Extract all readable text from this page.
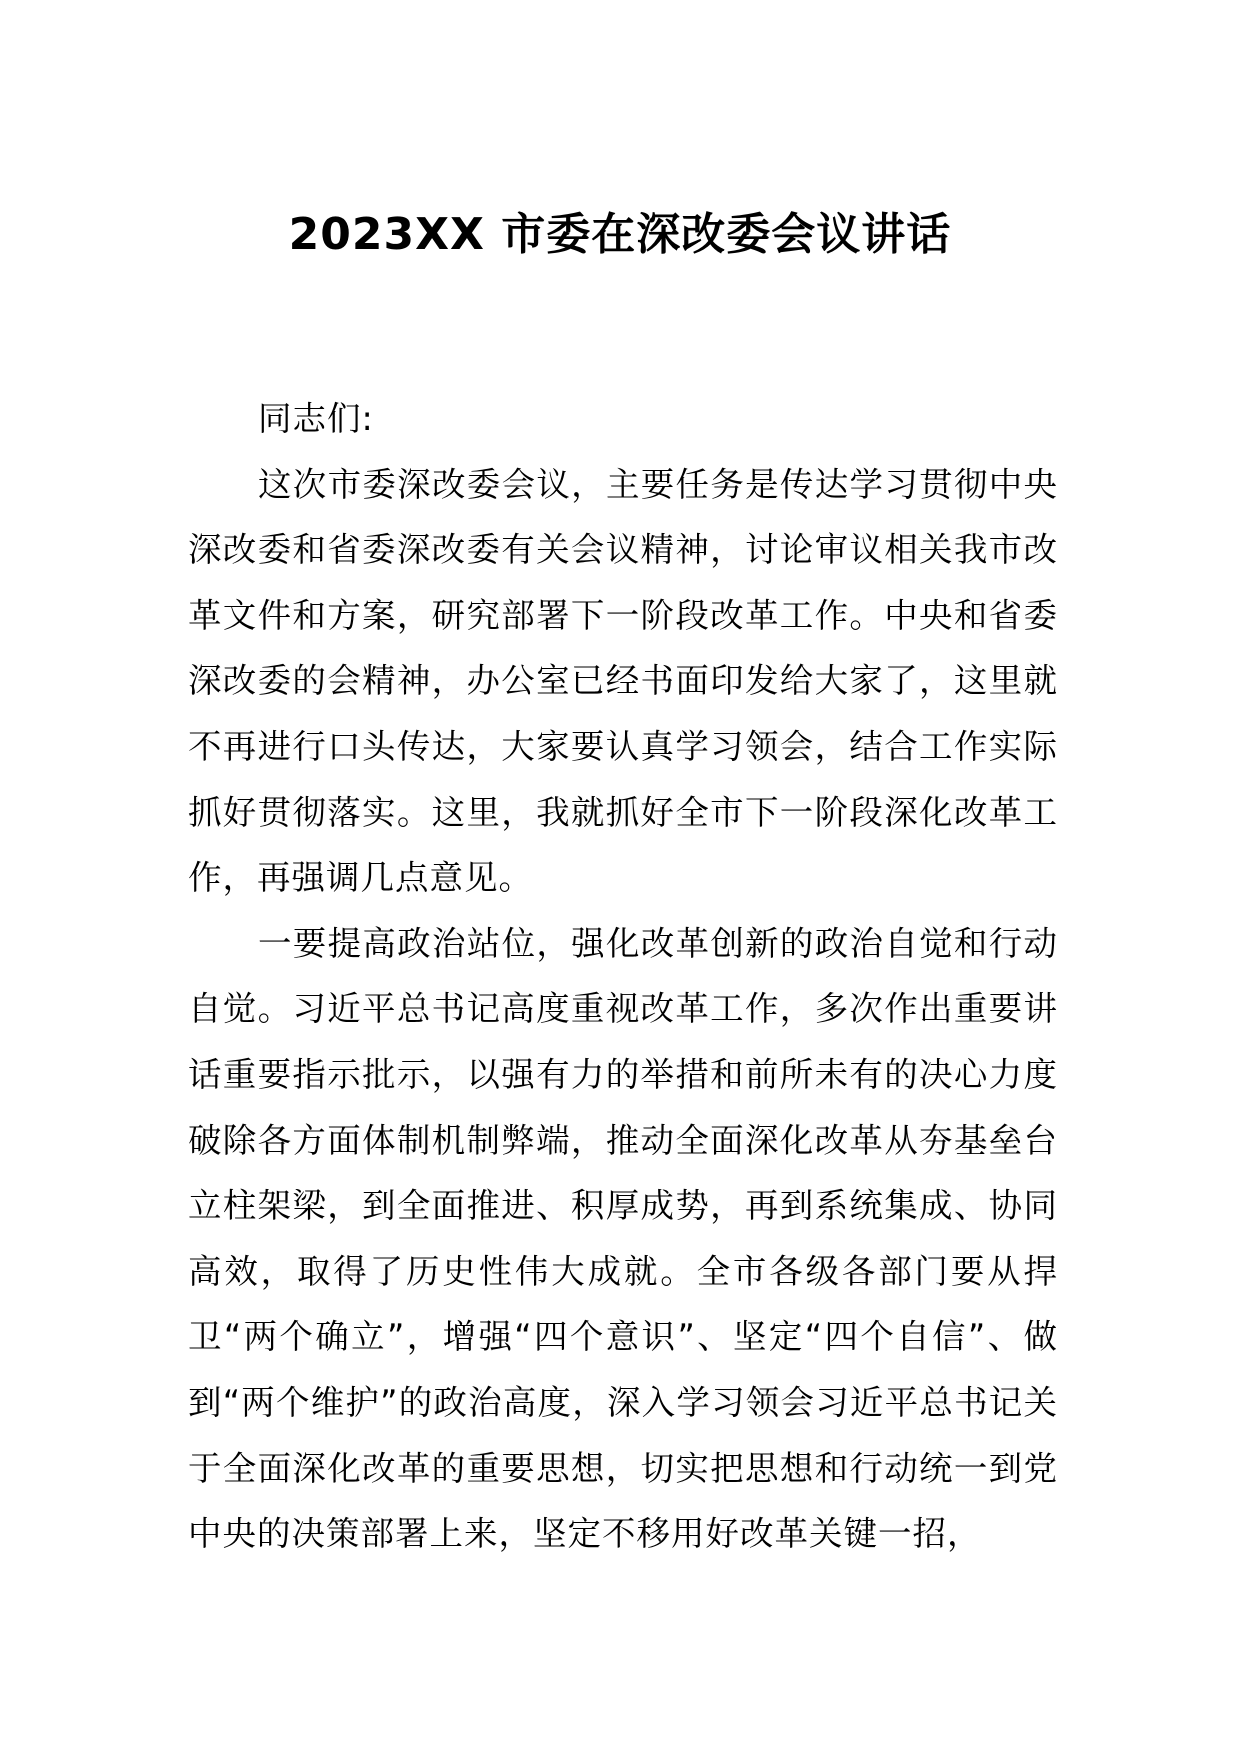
2023XX 市委在深改委会议讲话

同志们:

这次市委深改委会议，主要任务是传达学习贯彻中央深改委和省委深改委有关会议精神，讨论审议相关我市改革文件和方案，研究部署下一阶段改革工作。中央和省委深改委的会精神，办公室已经书面印发给大家了，这里就不再进行口头传达，大家要认真学习领会，结合工作实际抓好贯彻落实。这里，我就抓好全市下一阶段深化改革工作，再强调几点意见。

一要提高政治站位，强化改革创新的政治自觉和行动自觉。习近平总书记高度重视改革工作，多次作出重要讲话重要指示批示，以强有力的举措和前所未有的决心力度破除各方面体制机制弊端，推动全面深化改革从夯基垒台立柱架梁，到全面推进、积厚成势，再到系统集成、协同高效，取得了历史性伟大成就。全市各级各部门要从捍卫“两个确立”，增强“四个意识”、坚定“四个自信”、做到“两个维护”的政治高度，深入学习领会习近平总书记关于全面深化改革的重要思想，切实把思想和行动统一到党中央的决策部署上来，坚定不移用好改革关键一招，
